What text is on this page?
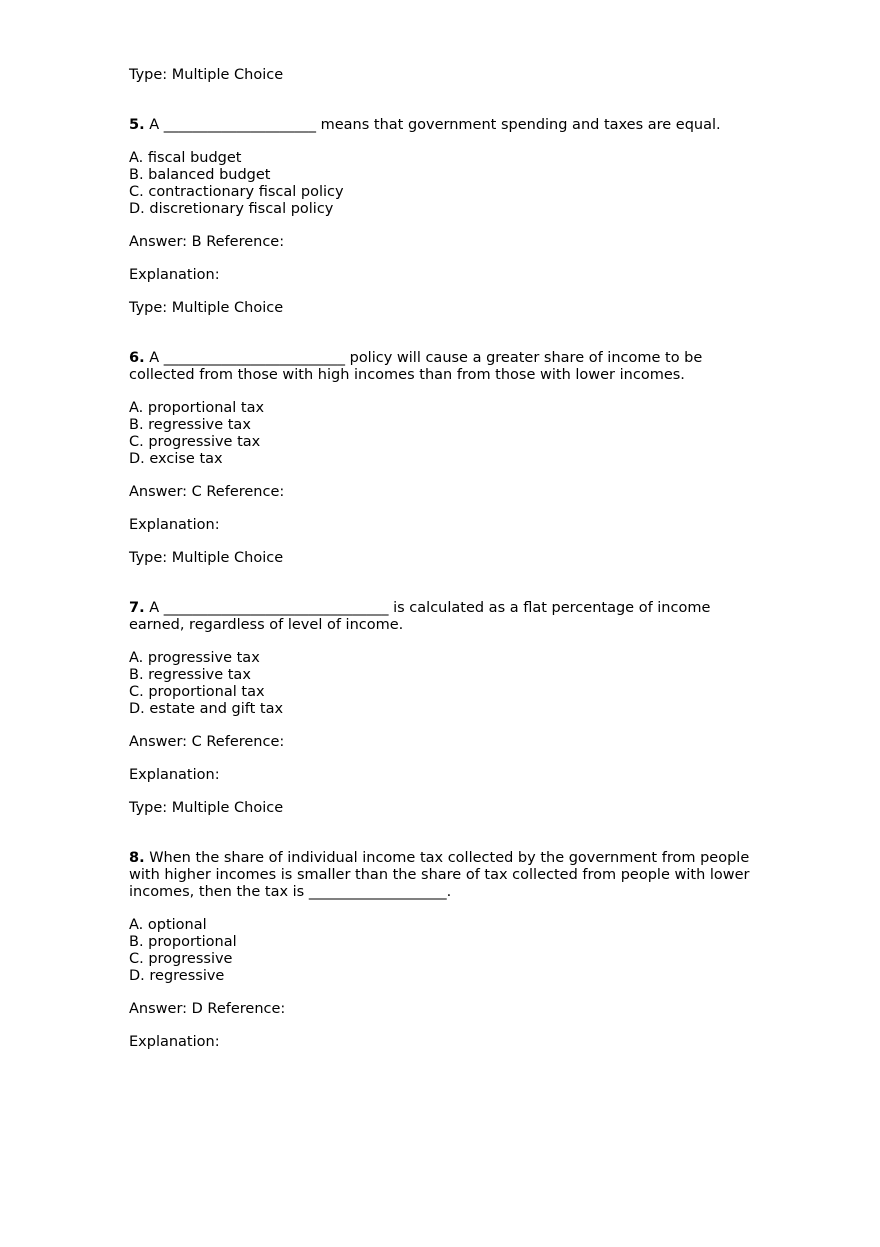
Type: Multiple Choice
5. A _____________________ means that government spending and taxes are equal.
A. fiscal budget
B. balanced budget
C. contractionary fiscal policy
D. discretionary fiscal policy
Answer: B Reference:
Explanation:
Type: Multiple Choice
6. A _________________________ policy will cause a greater share of income to be collected from those with high incomes than from those with lower incomes.
A. proportional tax
B. regressive tax
C. progressive tax
D. excise tax
Answer: C Reference:
Explanation:
Type: Multiple Choice
7. A _______________________________ is calculated as a flat percentage of income earned, regardless of level of income.
A. progressive tax
B. regressive tax
C. proportional tax
D. estate and gift tax
Answer: C Reference:
Explanation:
Type: Multiple Choice
8. When the share of individual income tax collected by the government from people with higher incomes is smaller than the share of tax collected from people with lower incomes, then the tax is ___________________.
A. optional
B. proportional
C. progressive
D. regressive
Answer: D Reference:
Explanation:
